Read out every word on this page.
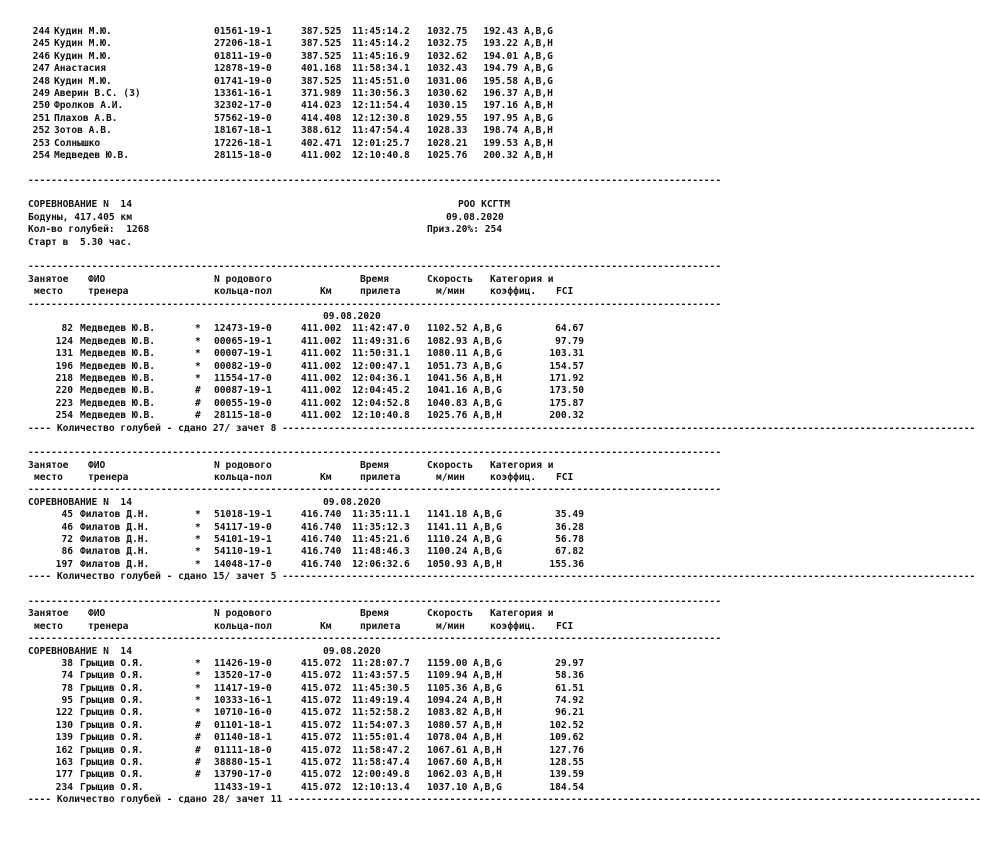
244 Кудин М.Ю.	01561-19-1	387.525 11:45:14.2 1032.75	192.43 A,B,G
245 Кудин М.Ю.	27206-18-1	387.525 11:45:14.2 1032.75	193.22 A,B,H
246 Кудин М.Ю.	01811-19-0	387.525 11:45:16.9 1032.62	194.01 A,B,G
247 Анастасия	12878-19-0	401.168 11:58:34.1 1032.43	194.79 A,B,G
248 Кудин М.Ю.	01741-19-0	387.525 11:45:51.0 1031.06	195.58 A,B,G
249 Аверин В.С. (3)	13361-16-1	371.989 11:30:56.3 1030.62	196.37 A,B,H
250 Фролков А.И.	32302-17-0	414.023 12:11:54.4 1030.15	197.16 A,B,H
251 Плахов А.В.	57562-19-0	414.408 12:12:30.8 1029.55	197.95 A,B,G
252 Зотов А.В.	18167-18-1	388.612 11:47:54.4 1028.33	198.74 A,B,H
253 Солнышко	17226-18-1	402.471 12:01:25.7 1028.21	199.53 A,B,H
254 Медведев Ю.В.	28115-18-0	411.002 12:10:40.8 1025.76	200.32 A,B,H
------------------------------------------------------------------------------------------------------------------------
СОРЕВНОВАНИЕ N  14	РОО КСГТМ
Бодуны, 417.405 км	09.08.2020
Кол-во голубей:  1268	Приз.20%: 254
Старт в  5.30 час.
------------------------------------------------------------------------------------------------------------------------
Занятое ФИО	N родового	Время	Скорость Категория и
место	тренера	кольца-пол	Км	прилета	м/мин	коэффиц. FCI
------------------------------------------------------------------------------------------------------------------------
09.08.2020
82 Медведев Ю.В.	* 12473-19-0	411.002 11:42:47.0 1102.52 A,B,G	64.67
124 Медведев Ю.В.	* 00065-19-1	411.002 11:49:31.6 1082.93 A,B,G	97.79
131 Медведев Ю.В.	* 00007-19-1	411.002 11:50:31.1 1080.11 A,B,G	103.31
196 Медведев Ю.В.	* 00082-19-0	411.002 12:00:47.1 1051.73 A,B,G	154.57
218 Медведев Ю.В.	* 11554-17-0	411.002 12:04:36.1 1041.56 A,B,H	171.92
220 Медведев Ю.В.	# 00087-19-1	411.002 12:04:45.2 1041.16 A,B,G	173.50
223 Медведев Ю.В.	# 00055-19-0	411.002 12:04:52.8 1040.83 A,B,G	175.87
254 Медведев Ю.В.	# 28115-18-0	411.002 12:10:40.8 1025.76 A,B,H	200.32
---- Количество голубей - сдано 27/ зачет 8 ------------------------------------------------------------------------------------------------------------------------
------------------------------------------------------------------------------------------------------------------------
Занятое ФИО	N родового	Время	Скорость Категория и
место	тренера	кольца-пол	Км	прилета	м/мин	коэффиц. FCI
------------------------------------------------------------------------------------------------------------------------
СОРЕВНОВАНИЕ N  14	09.08.2020
45 Филатов Д.Н.	* 51018-19-1	416.740 11:35:11.1 1141.18 A,B,G	35.49
46 Филатов Д.Н.	* 54117-19-0	416.740 11:35:12.3 1141.11 A,B,G	36.28
72 Филатов Д.Н.	* 54101-19-1	416.740 11:45:21.6 1110.24 A,B,G	56.78
86 Филатов Д.Н.	* 54110-19-1	416.740 11:48:46.3 1100.24 A,B,G	67.82
197 Филатов Д.Н.	* 14048-17-0	416.740 12:06:32.6 1050.93 A,B,H	155.36
---- Количество голубей - сдано 15/ зачет 5 ------------------------------------------------------------------------------------------------------------------------
------------------------------------------------------------------------------------------------------------------------
Занятое ФИО	N родового	Время	Скорость Категория и
место	тренера	кольца-пол	Км	прилета	м/мин	коэффиц. FCI
------------------------------------------------------------------------------------------------------------------------
СОРЕВНОВАНИЕ N  14	09.08.2020
38 Грыцив О.Я.	* 11426-19-0	415.072 11:28:07.7 1159.00 A,B,G	29.97
74 Грыцив О.Я.	* 13520-17-0	415.072 11:43:57.5 1109.94 A,B,H	58.36
78 Грыцив О.Я.	* 11417-19-0	415.072 11:45:30.5 1105.36 A,B,G	61.51
95 Грыцив О.Я.	* 10333-16-1	415.072 11:49:19.4 1094.24 A,B,H	74.92
122 Грыцив О.Я.	* 10710-16-0	415.072 11:52:58.2 1083.82 A,B,H	96.21
130 Грыцив О.Я.	# 01101-18-1	415.072 11:54:07.3 1080.57 A,B,H	102.52
139 Грыцив О.Я.	# 01140-18-1	415.072 11:55:01.4 1078.04 A,B,H	109.62
162 Грыцив О.Я.	# 01111-18-0	415.072 11:58:47.2 1067.61 A,B,H	127.76
163 Грыцив О.Я.	# 38880-15-1	415.072 11:58:47.4 1067.60 A,B,H	128.55
177 Грыцив О.Я.	# 13790-17-0	415.072 12:00:49.8 1062.03 A,B,H	139.59
234 Грыцив О.Я.	11433-19-1	415.072 12:10:13.4 1037.10 A,B,G	184.54
---- Количество голубей - сдано 28/ зачет 11 ------------------------------------------------------------------------------------------------------------------------
